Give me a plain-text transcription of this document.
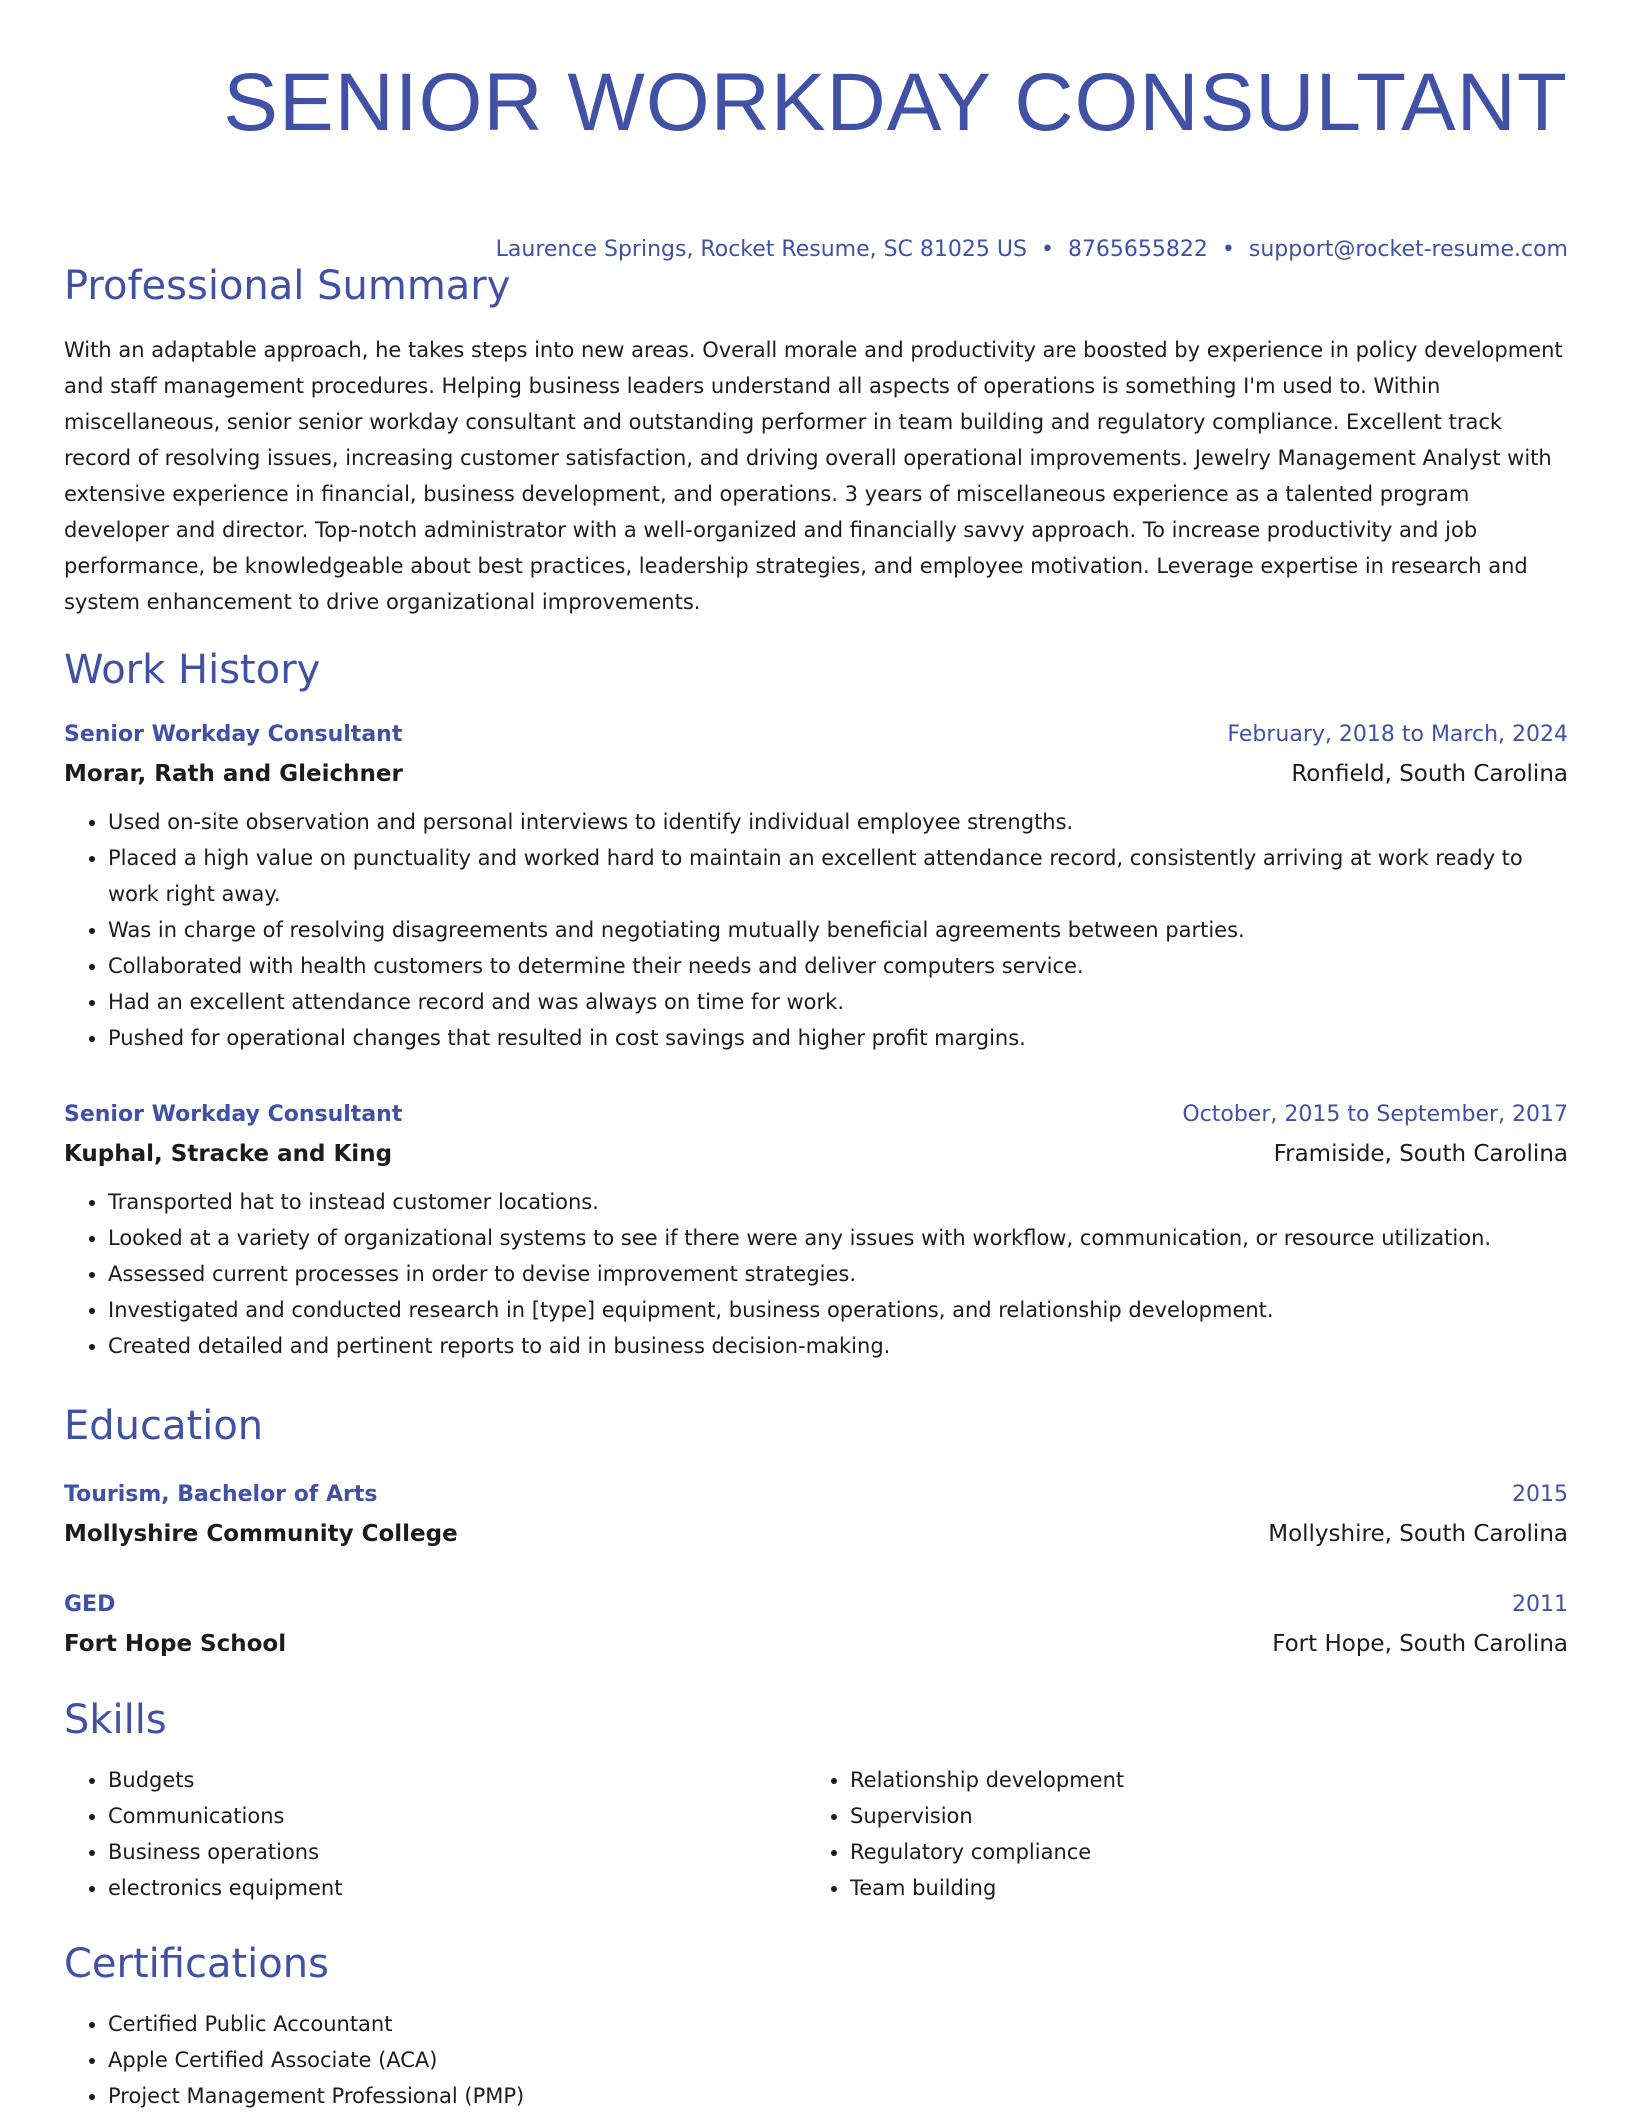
SENIOR WORKDAY CONSULTANT
Laurence Springs, Rocket Resume, SC 81025 US • 8765655822 • support@rocket-resume.com
Professional Summary

With an adaptable approach, he takes steps into new areas. Overall morale and productivity are boosted by experience in policy development and staff management procedures. Helping business leaders understand all aspects of operations is something I'm used to. Within miscellaneous, senior senior workday consultant and outstanding performer in team building and regulatory compliance. Excellent track record of resolving issues, increasing customer satisfaction, and driving overall operational improvements. Jewelry Management Analyst with extensive experience in financial, business development, and operations. 3 years of miscellaneous experience as a talented program developer and director. Top-notch administrator with a well-organized and financially savvy approach. To increase productivity and job performance, be knowledgeable about best practices, leadership strategies, and employee motivation. Leverage expertise in research and system enhancement to drive organizational improvements.

Work History
Senior Workday Consultant	February, 2018 to March, 2024
Morar, Rath and Gleichner	Ronfield, South Carolina
• Used on-site observation and personal interviews to identify individual employee strengths.
• Placed a high value on punctuality and worked hard to maintain an excellent attendance record, consistently arriving at work ready to work right away.
• Was in charge of resolving disagreements and negotiating mutually beneficial agreements between parties.
• Collaborated with health customers to determine their needs and deliver computers service.
• Had an excellent attendance record and was always on time for work.
• Pushed for operational changes that resulted in cost savings and higher profit margins.
Senior Workday Consultant	October, 2015 to September, 2017
Kuphal, Stracke and King	Framiside, South Carolina
• Transported hat to instead customer locations.
• Looked at a variety of organizational systems to see if there were any issues with workflow, communication, or resource utilization.
• Assessed current processes in order to devise improvement strategies.
• Investigated and conducted research in [type] equipment, business operations, and relationship development.
• Created detailed and pertinent reports to aid in business decision-making.
Education
Tourism, Bachelor of Arts	2015
Mollyshire Community College	Mollyshire, South Carolina
GED	2011
Fort Hope School	Fort Hope, South Carolina
Skills
• Budgets
• Communications
• Business operations
• electronics equipment
• Relationship development
• Supervision
• Regulatory compliance
• Team building
Certifications
• Certified Public Accountant
• Apple Certified Associate (ACA)
• Project Management Professional (PMP)
